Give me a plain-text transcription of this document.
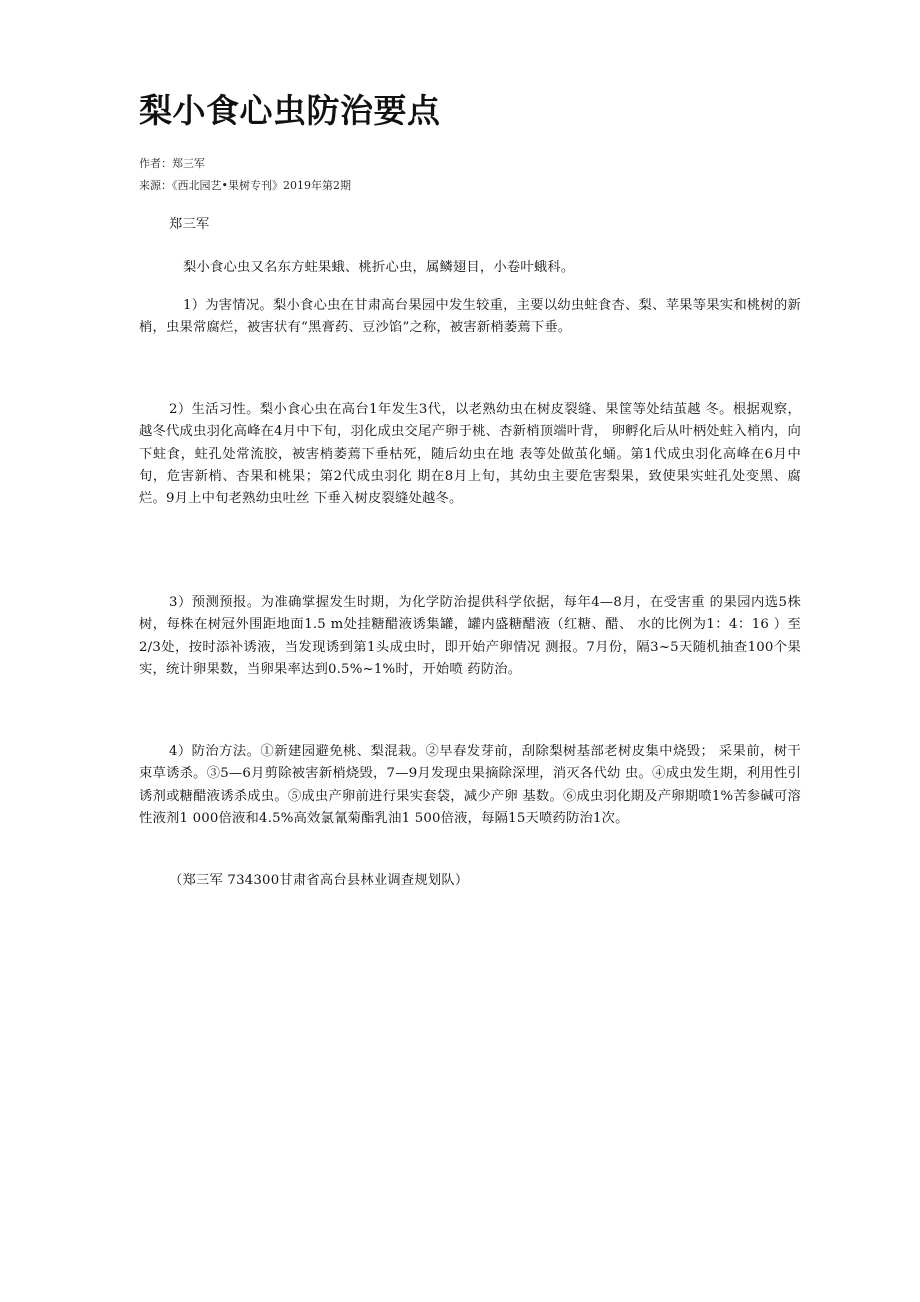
梨小食心虫防治要点
作者：郑三军
来源：《西北园艺•果树专刊》2019年第2期
郑三军

梨小食心虫又名东方蛀果蛾、桃折心虫，属鳞翅目，小卷叶蛾科。

1）为害情况。梨小食心虫在甘肃高台果园中发生较重，主要以幼虫蛀食杏、梨、苹果等果实和桃树的新梢，虫果常腐烂，被害状有“黑膏药、豆沙馅”之称，被害新梢萎蔫下垂。

2）生活习性。梨小食心虫在高台1年发生3代，以老熟幼虫在树皮裂缝、果筐等处结茧越 冬。根据观察，越冬代成虫羽化高峰在4月中下旬，羽化成虫交尾产卵于桃、杏新梢顶端叶背， 卵孵化后从叶柄处蛀入梢内，向下蛀食，蛀孔处常流胶，被害梢萎蔫下垂枯死，随后幼虫在地 表等处做茧化蛹。第1代成虫羽化高峰在6月中旬，危害新梢、杏果和桃果；第2代成虫羽化 期在8月上旬，其幼虫主要危害梨果，致使果实蛀孔处变黑、腐烂。9月上中旬老熟幼虫吐丝 下垂入树皮裂缝处越冬。

3）预测预报。为准确掌握发生时期，为化学防治提供科学依据，每年4—8月，在受害重 的果园内选5株树，每株在树冠外围距地面1.5 m处挂糖醋液诱集罐，罐内盛糖醋液（红糖、醋、 水的比例为1：4：16 ）至2/3处，按时添补诱液，当发现诱到第1头成虫时，即开始产卵情况 测报。7月份，隔3~5天随机抽查100个果实，统计卵果数，当卵果率达到0.5%~1%时，开始喷 药防治。

4）防治方法。①新建园避免桃、梨混栽。②早春发芽前，刮除梨树基部老树皮集中烧毁； 采果前，树干束草诱杀。③5—6月剪除被害新梢烧毁，7—9月发现虫果摘除深埋，消灭各代幼 虫。④成虫发生期，利用性引诱剂或糖醋液诱杀成虫。⑤成虫产卵前进行果实套袋，减少产卵 基数。⑥成虫羽化期及产卵期喷1%苦参碱可溶性液剂1 000倍液和4.5%高效氯氰菊酯乳油1 500倍液，每隔15天喷药防治1次。

（郑三军 734300甘肃省高台县林业调查规划队）
